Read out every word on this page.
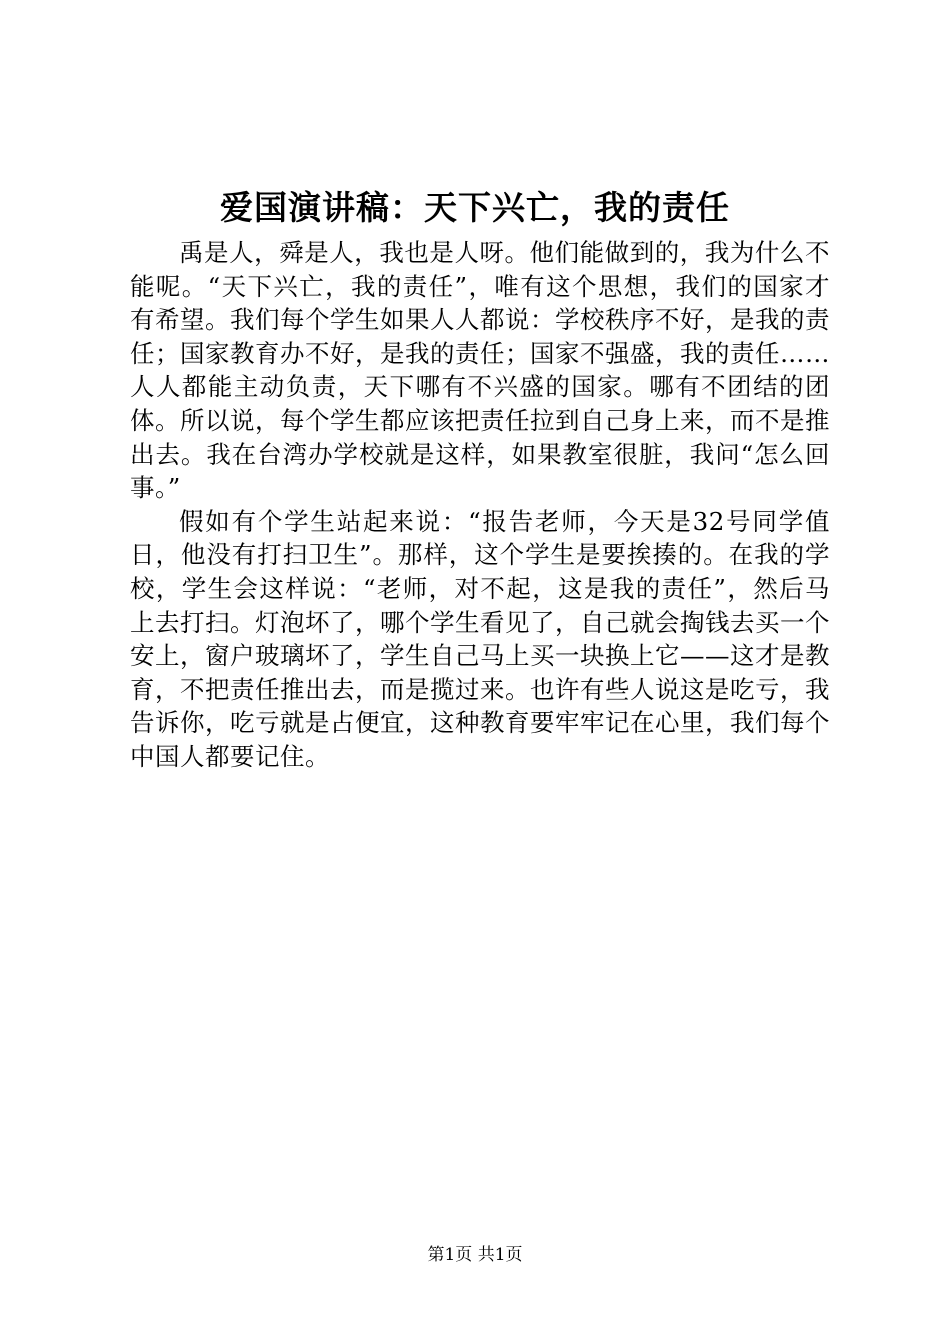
爱国演讲稿：天下兴亡，我的责任

禹是人，舜是人，我也是人呀。他们能做到的，我为什么不能呢。“天下兴亡，我的责任”，唯有这个思想，我们的国家才有希望。我们每个学生如果人人都说：学校秩序不好，是我的责任；国家教育办不好，是我的责任；国家不强盛，我的责任……人人都能主动负责，天下哪有不兴盛的国家。哪有不团结的团体。所以说，每个学生都应该把责任拉到自己身上来，而不是推出去。我在台湾办学校就是这样，如果教室很脏，我问“怎么回事。”

假如有个学生站起来说：“报告老师，今天是32号同学值日，他没有打扫卫生”。那样，这个学生是要挨揍的。在我的学校，学生会这样说：“老师，对不起，这是我的责任”，然后马上去打扫。灯泡坏了，哪个学生看见了，自己就会掏钱去买一个安上，窗户玻璃坏了，学生自己马上买一块换上它——这才是教育，不把责任推出去，而是揽过来。也许有些人说这是吃亏，我告诉你，吃亏就是占便宜，这种教育要牢牢记在心里，我们每个中国人都要记住。

第1页 共1页
